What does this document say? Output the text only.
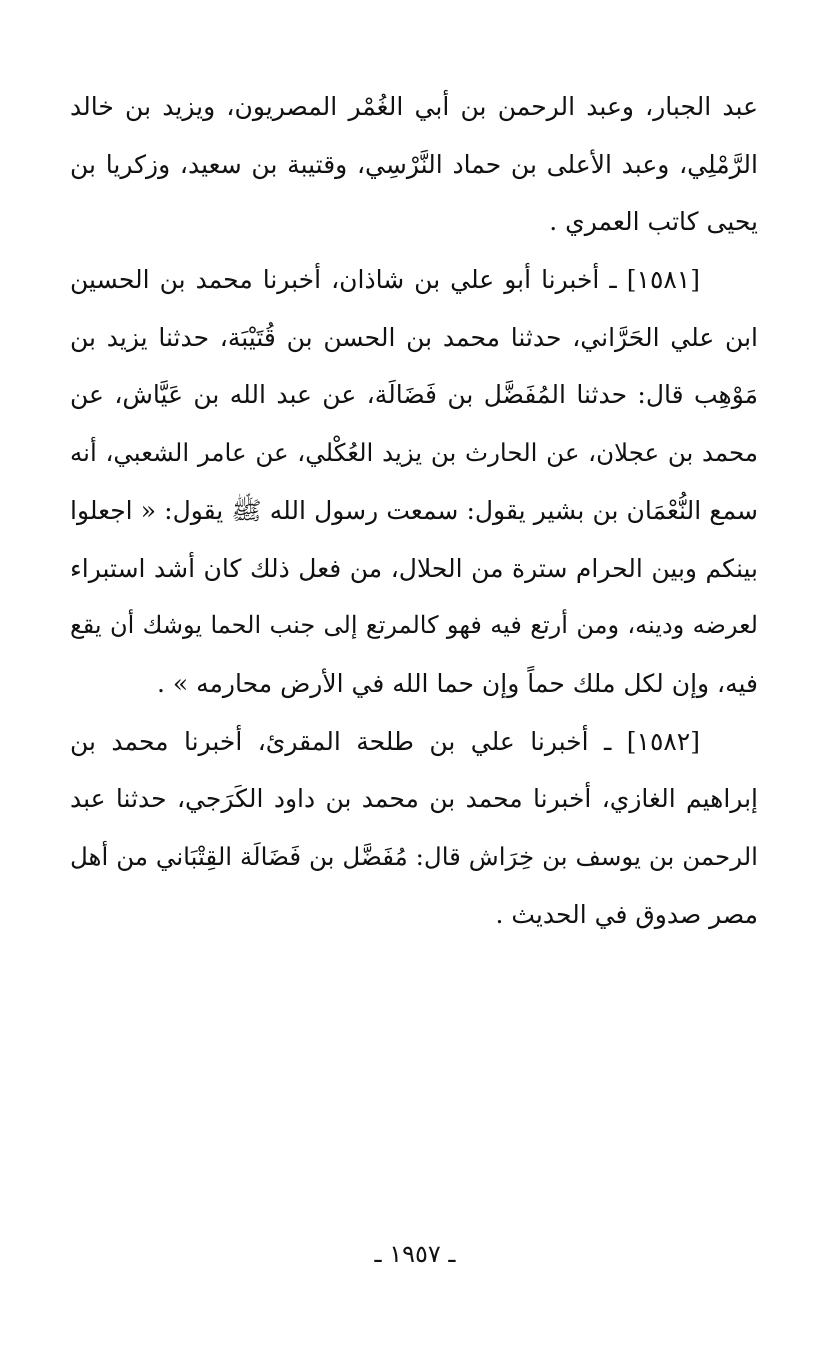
عبد الجبار، وعبد الرحمن بن أبي الغُمْر المصريون، ويزيد بن خالد
الرَّمْلِي، وعبد الأعلى بن حماد النَّرْسِي، وقتيبة بن سعيد، وزكريا بن
يحيى كاتب العمري .
[١٥٨١] ـ أخبرنا أبو علي بن شاذان، أخبرنا محمد بن الحسين
ابن علي الحَرَّاني، حدثنا محمد بن الحسن بن قُتَيْبَة، حدثنا يزيد بن
مَوْهِب قال: حدثنا المُفَضَّل بن فَضَالَة، عن عبد الله بن عَيَّاش، عن
محمد بن عجلان، عن الحارث بن يزيد العُكْلي، عن عامر الشعبي، أنه
سمع النُّعْمَان بن بشير يقول: سمعت رسول الله ﷺ يقول: « اجعلوا
بينكم وبين الحرام سترة من الحلال، من فعل ذلك كان أشد استبراء
لعرضه ودينه، ومن أرتع فيه فهو كالمرتع إلى جنب الحما يوشك أن يقع
فيه، وإن لكل ملك حماً وإن حما الله في الأرض محارمه » .
[١٥٨٢] ـ أخبرنا علي بن طلحة المقرئ، أخبرنا محمد بن
إبراهيم الغازي، أخبرنا محمد بن محمد بن داود الكَرَجي، حدثنا عبد
الرحمن بن يوسف بن خِرَاش قال: مُفَضَّل بن فَضَالَة القِتْبَاني من أهل
مصر صدوق في الحديث .
ـ ١٩٥٧ ـ
